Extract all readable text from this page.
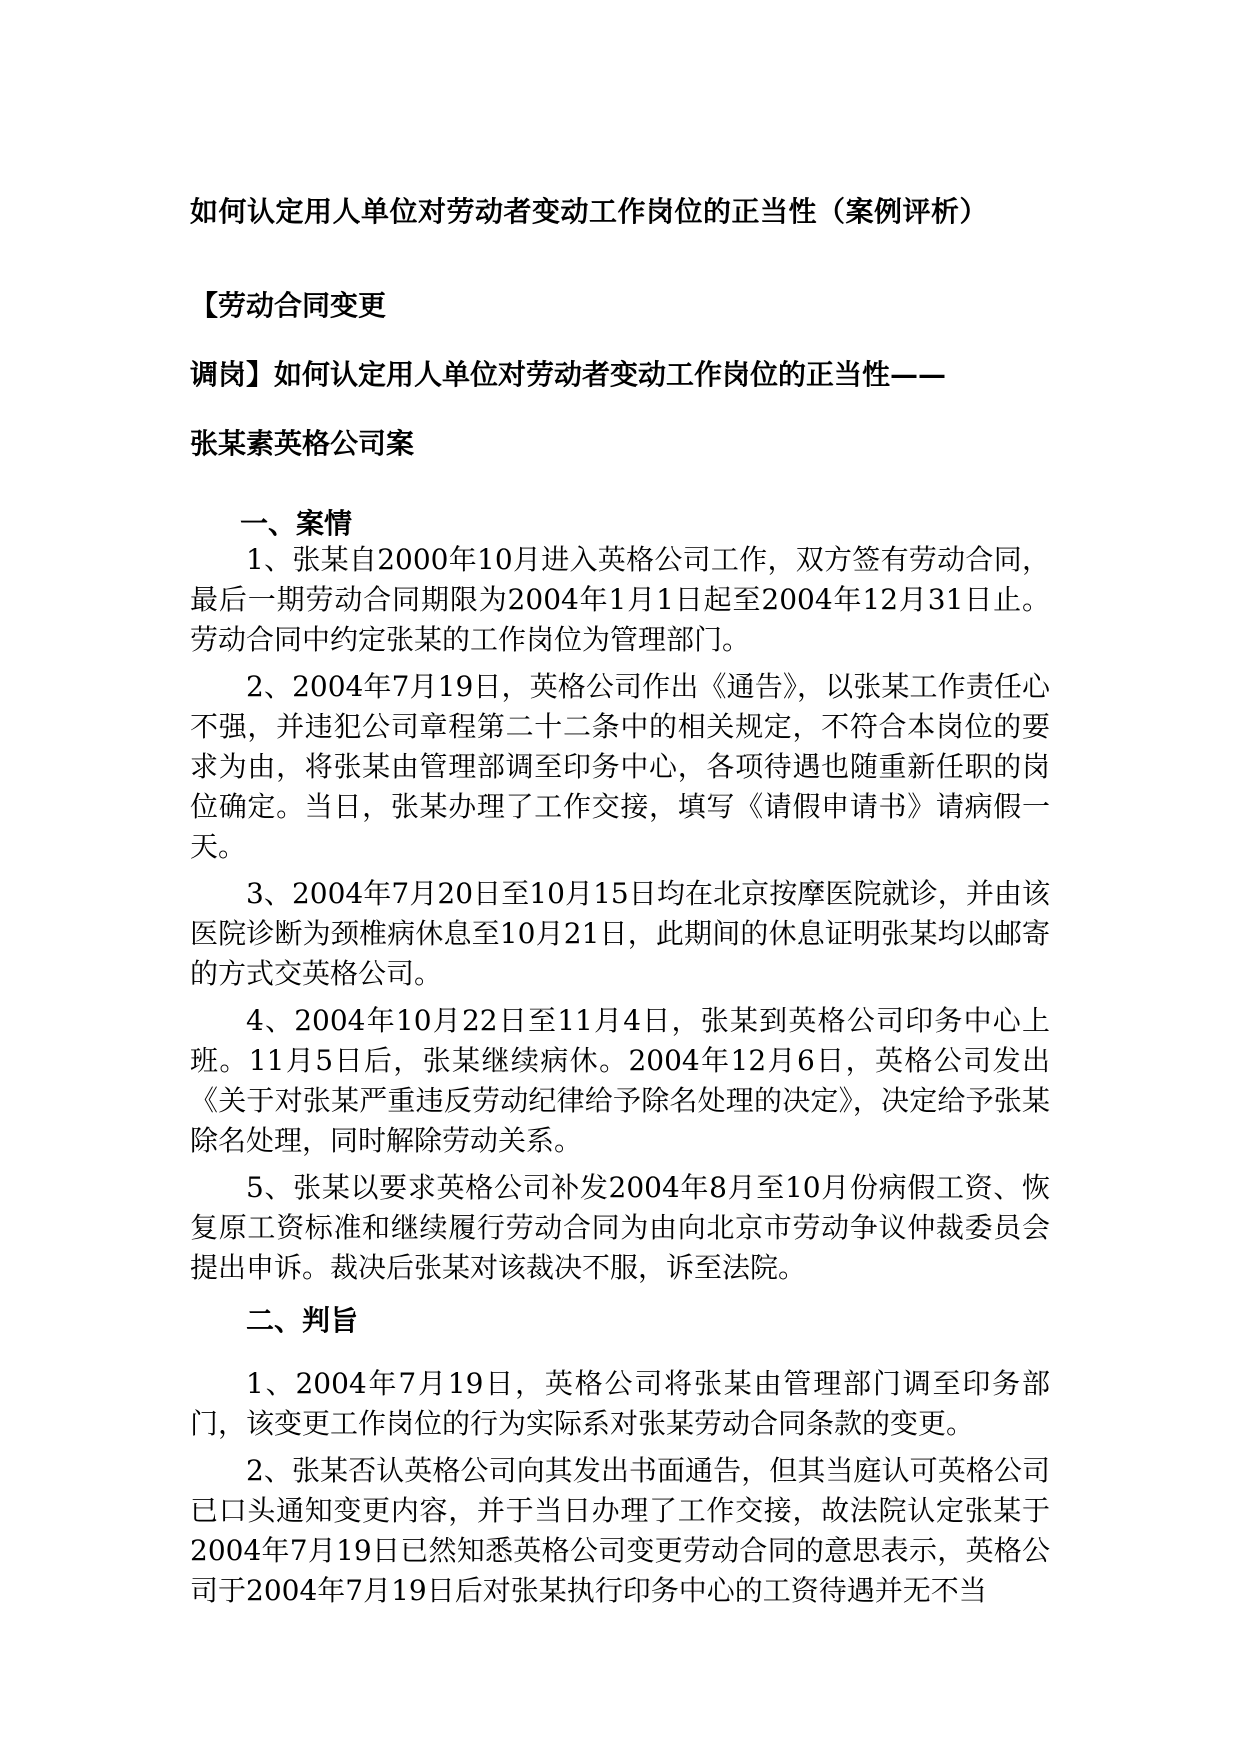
如何认定用人单位对劳动者变动工作岗位的正当性（案例评析）
【劳动合同变更
调岗】如何认定用人单位对劳动者变动工作岗位的正当性——
张某素英格公司案
一、案情

1、张某自2000年10月进入英格公司工作，双方签有劳动合同，最后一期劳动合同期限为2004年1月1日起至2004年12月31日止。劳动合同中约定张某的工作岗位为管理部门。

2、2004年7月19日，英格公司作出《通告》，以张某工作责任心不强，并违犯公司章程第二十二条中的相关规定，不符合本岗位的要求为由，将张某由管理部调至印务中心，各项待遇也随重新任职的岗位确定。当日，张某办理了工作交接，填写《请假申请书》请病假一天。

3、2004年7月20日至10月15日均在北京按摩医院就诊，并由该医院诊断为颈椎病休息至10月21日，此期间的休息证明张某均以邮寄的方式交英格公司。

4、2004年10月22日至11月4日，张某到英格公司印务中心上班。11月5日后，张某继续病休。2004年12月6日，英格公司发出《关于对张某严重违反劳动纪律给予除名处理的决定》，决定给予张某除名处理，同时解除劳动关系。

5、张某以要求英格公司补发2004年8月至10月份病假工资、恢复原工资标准和继续履行劳动合同为由向北京市劳动争议仲裁委员会提出申诉。裁决后张某对该裁决不服，诉至法院。

二、判旨

1、2004年7月19日，英格公司将张某由管理部门调至印务部门，该变更工作岗位的行为实际系对张某劳动合同条款的变更。

2、张某否认英格公司向其发出书面通告，但其当庭认可英格公司已口头通知变更内容，并于当日办理了工作交接，故法院认定张某于2004年7月19日已然知悉英格公司变更劳动合同的意思表示，英格公司于2004年7月19日后对张某执行印务中心的工资待遇并无不当
